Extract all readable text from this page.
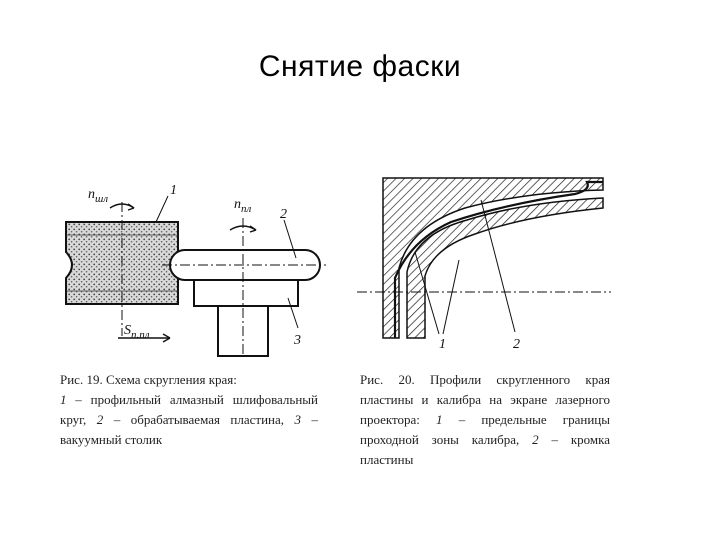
Снятие фаски
$n_{шл}$
1
$n_{пл}$ 2
3
$S_{п.пл}$
Рис. 19. Схема скругления края:
1 – профильный алмазный шлифовальный круг, 2 – обрабатываемая пластина, 3 – вакуумный столик
1	2
Рис. 20. Профили скругленного края пластины и калибра на экране лазерного проектора: 1 – предельные границы проходной зоны калибра, 2 – кромка пластины
